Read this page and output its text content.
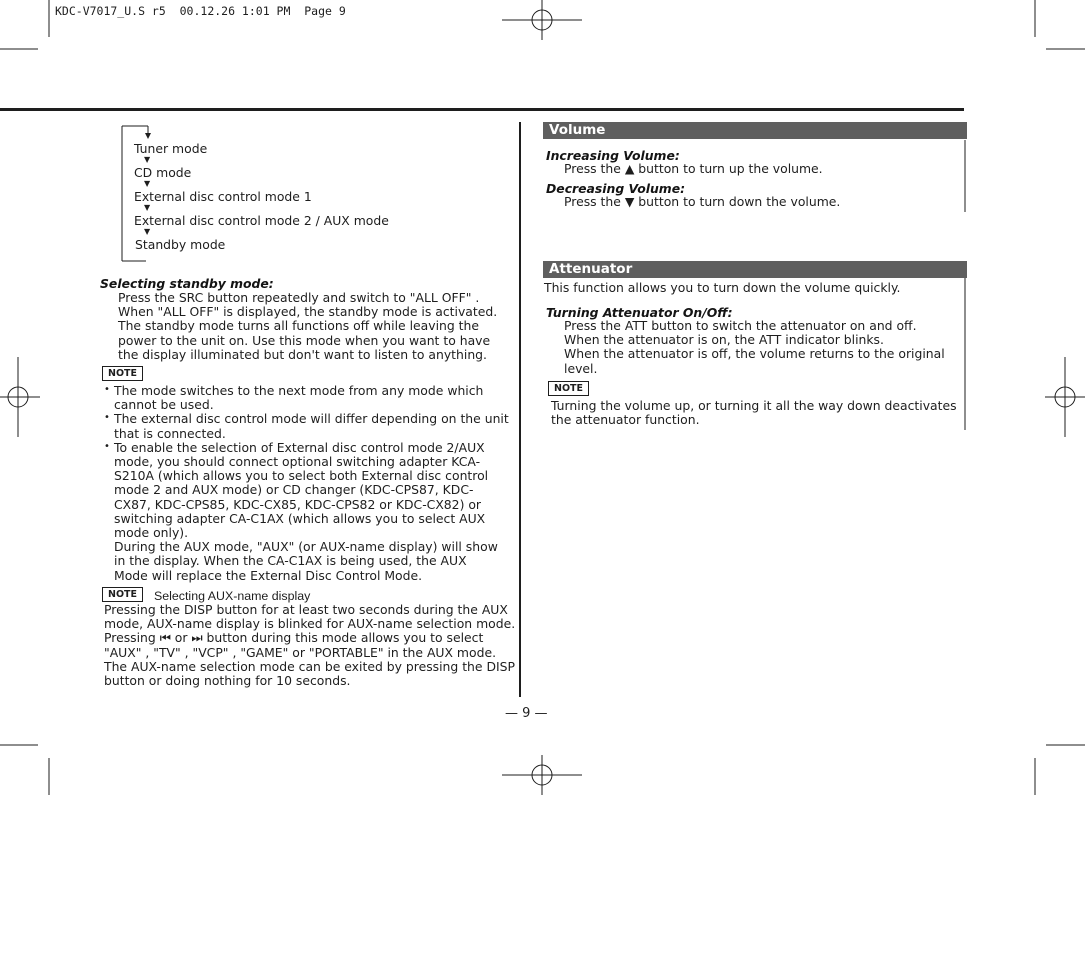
KDC-V7017_U.S r5  00.12.26 1:01 PM  Page 9
Tuner mode
▼
CD mode
▼
External disc control mode 1
▼
External disc control mode 2 / AUX mode
▼
Standby mode
Selecting standby mode:
Press the SRC button repeatedly and switch to "ALL OFF" .
When "ALL OFF" is displayed, the standby mode is activated.
The standby mode turns all functions off while leaving the
power to the unit on. Use this mode when you want to have
the display illuminated but don't want to listen to anything.
NOTE
• The mode switches to the next mode from any mode which
cannot be used.
• The external disc control mode will differ depending on the unit
that is connected.
• To enable the selection of External disc control mode 2/AUX
mode, you should connect optional switching adapter KCA-
S210A (which allows you to select both External disc control
mode 2 and AUX mode) or CD changer (KDC-CPS87, KDC-
CX87, KDC-CPS85, KDC-CX85, KDC-CPS82 or KDC-CX82) or
switching adapter CA-C1AX (which allows you to select AUX
mode only).
During the AUX mode, "AUX" (or AUX-name display) will show
in the display. When the CA-C1AX is being used, the AUX
Mode will replace the External Disc Control Mode.
NOTE	Selecting AUX-name display
Pressing the DISP button for at least two seconds during the AUX
mode, AUX-name display is blinked for AUX-name selection mode.
Pressing ⏮ or ⏭ button during this mode allows you to select
"AUX" , "TV" , "VCP" , "GAME" or "PORTABLE" in the AUX mode.
The AUX-name selection mode can be exited by pressing the DISP
button or doing nothing for 10 seconds.
Volume
Increasing Volume:
Press the ▲ button to turn up the volume.
Decreasing Volume:
Press the ▼ button to turn down the volume.
Attenuator
This function allows you to turn down the volume quickly.
Turning Attenuator On/Off:
Press the ATT button to switch the attenuator on and off.
When the attenuator is on, the ATT indicator blinks.
When the attenuator is off, the volume returns to the original
level.
NOTE
Turning the volume up, or turning it all the way down deactivates
the attenuator function.
— 9 —
